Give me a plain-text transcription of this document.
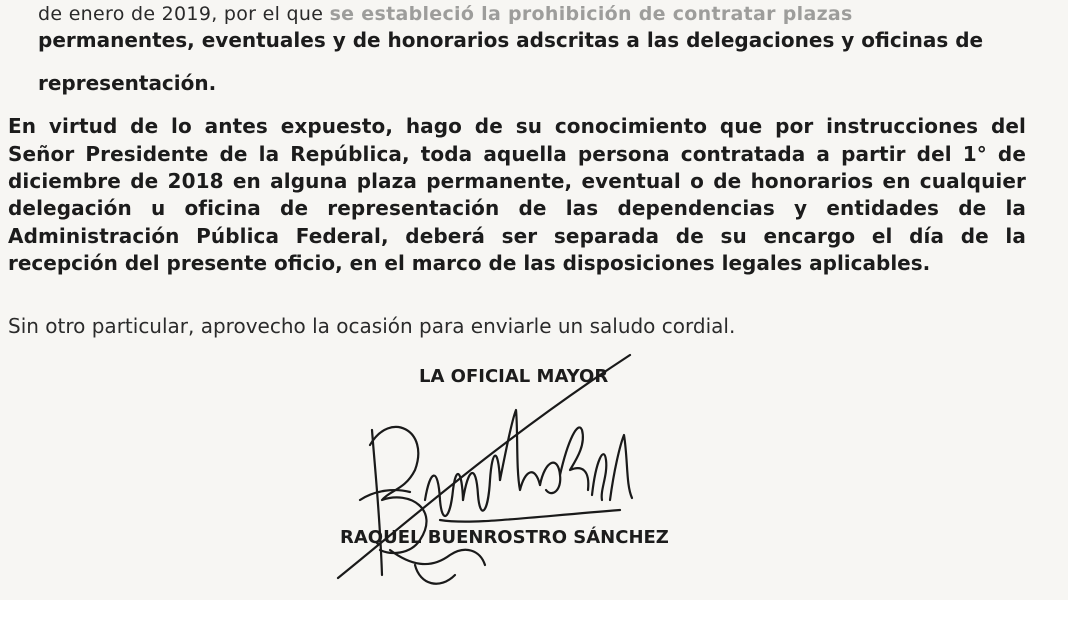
de enero de 2019, por el que se estableció la prohibición de contratar plazas
permanentes, eventuales y de honorarios adscritas a las delegaciones y oficinas de
representación.
En virtud de lo antes expuesto, hago de su conocimiento que por instrucciones del
Señor Presidente de la República, toda aquella persona contratada a partir del 1° de
diciembre de 2018 en alguna plaza permanente, eventual o de honorarios en cualquier
delegación u oficina de representación de las dependencias y entidades de la
Administración Pública Federal, deberá ser separada de su encargo el día de la
recepción del presente oficio, en el marco de las disposiciones legales aplicables.
Sin otro particular, aprovecho la ocasión para enviarle un saludo cordial.
LA OFICIAL MAYOR
RAQUEL BUENROSTRO SÁNCHEZ
